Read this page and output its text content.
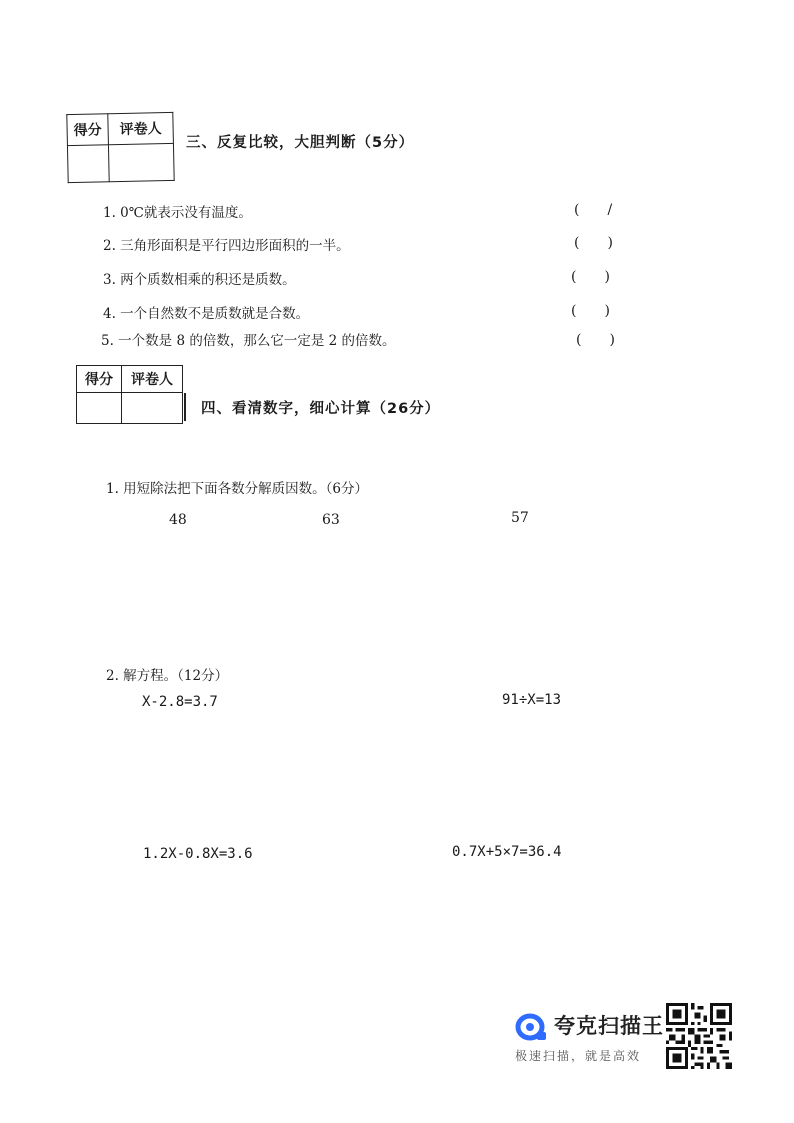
得分	评卷人

三、反复比较，大胆判断（5分）
1. 0℃就表示没有温度。	(　　/
2. 三角形面积是平行四边形面积的一半。	(　　)
3. 两个质数相乘的积还是质数。	(　　)
4. 一个自然数不是质数就是合数。	(　　)
5. 一个数是 8 的倍数，那么它一定是 2 的倍数。	(　　)
得分	评卷人

四、看清数字，细心计算（26分）
1. 用短除法把下面各数分解质因数。（6分）
48	63	57
2. 解方程。（12分）
X-2.8=3.7	91÷X=13
1.2X-0.8X=3.6	0.7X+5×7=36.4
夸克扫描王
极速扫描，就是高效
